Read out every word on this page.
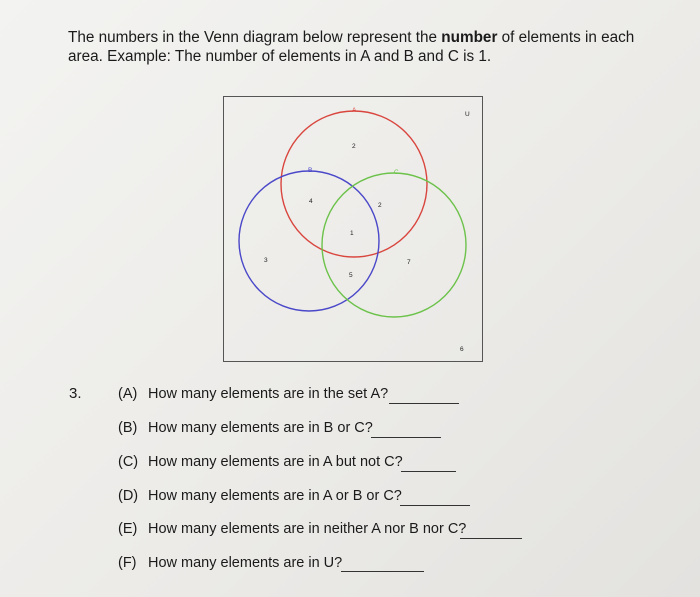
The numbers in the Venn diagram below represent the number of elements in each area. Example: The number of elements in A and B and C is 1.
A
B	C
U
2
4
2
1
3
5
7
6
3.	(A) How many elements are in the set A?
(B) How many elements are in B or C?
(C) How many elements are in A but not C?
(D) How many elements are in A or B or C?
(E) How many elements are in neither A nor B nor C?
(F) How many elements are in U?
